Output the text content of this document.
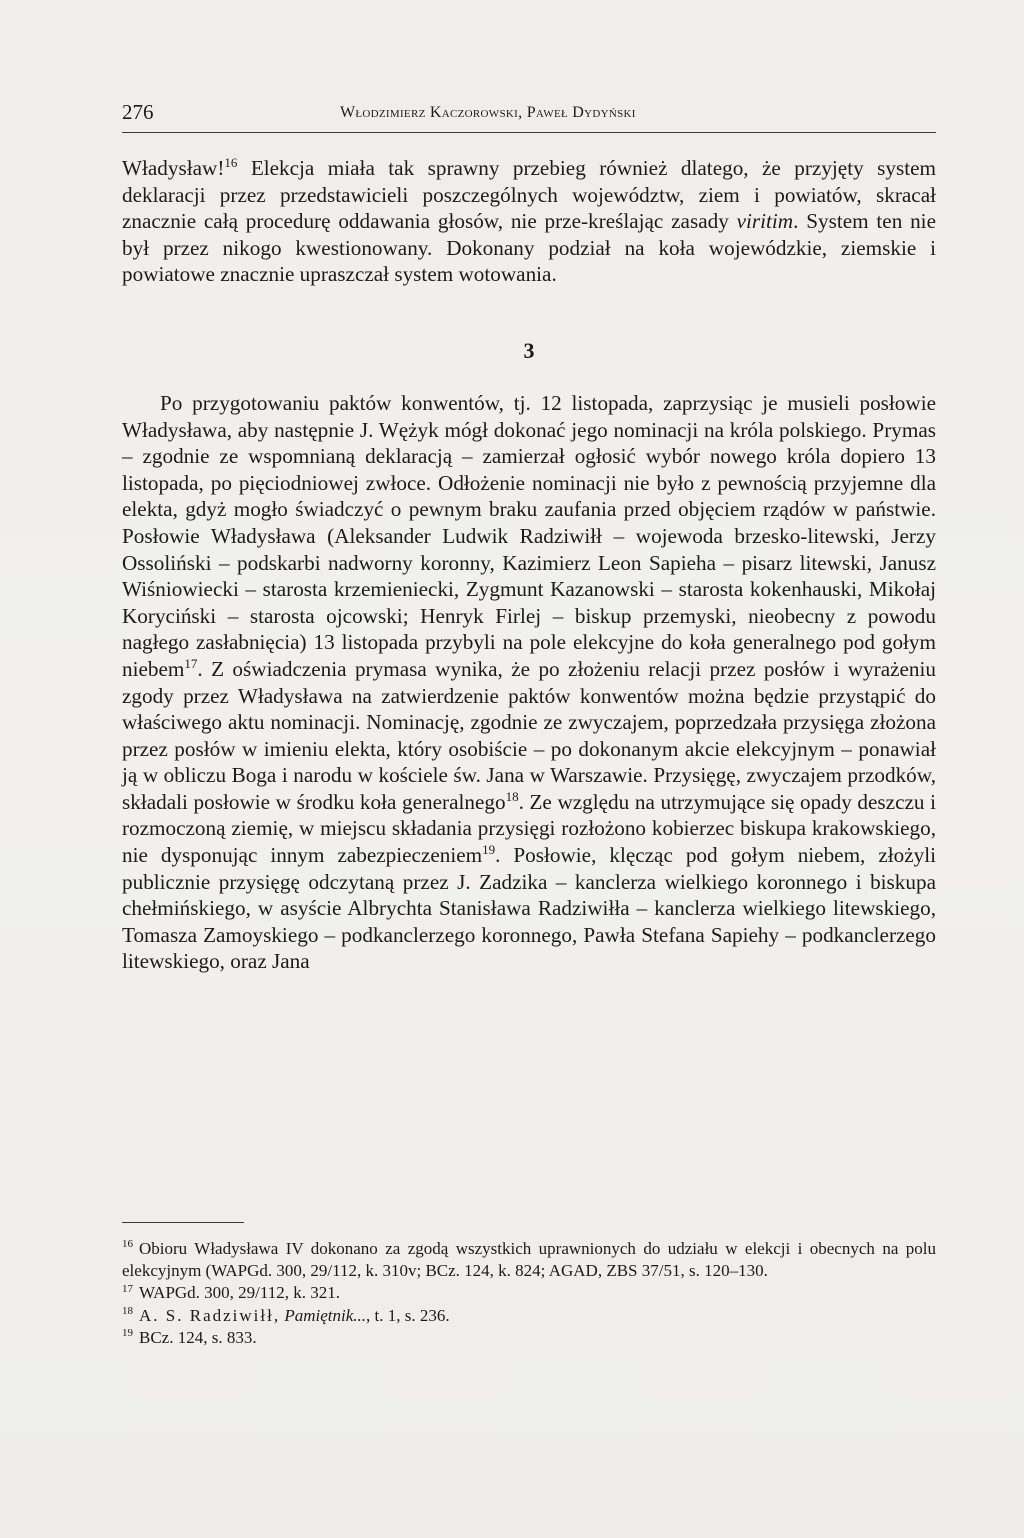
276	Włodzimierz Kaczorowski, Paweł Dydyński

Władysław!$^{16}$ Elekcja miała tak sprawny przebieg również dlatego, że przyjęty system deklaracji przez przedstawicieli poszczególnych województw, ziem i powiatów, skracał znacznie całą procedurę oddawania głosów, nie prze-kreślając zasady viritim. System ten nie był przez nikogo kwestionowany. Dokonany podział na koła wojewódzkie, ziemskie i powiatowe znacznie upraszczał system wotowania.

3

Po przygotowaniu paktów konwentów, tj. 12 listopada, zaprzysiąc je musieli posłowie Władysława, aby następnie J. Wężyk mógł dokonać jego nominacji na króla polskiego. Prymas – zgodnie ze wspomnianą deklaracją – zamierzał ogłosić wybór nowego króla dopiero 13 listopada, po pięciodniowej zwłoce. Odłożenie nominacji nie było z pewnością przyjemne dla elekta, gdyż mogło świadczyć o pewnym braku zaufania przed objęciem rządów w państwie. Posłowie Władysława (Aleksander Ludwik Radziwiłł – wojewoda brzesko-litewski, Jerzy Ossoliński – podskarbi nadworny koronny, Kazimierz Leon Sapieha – pisarz litewski, Janusz Wiśniowiecki – starosta krzemieniecki, Zygmunt Kazanowski – starosta kokenhauski, Mikołaj Koryciński – starosta ojcowski; Henryk Firlej – biskup przemyski, nieobecny z powodu nagłego zasłabnięcia) 13 listopada przybyli na pole elekcyjne do koła generalnego pod gołym niebem$^{17}$. Z oświadczenia prymasa wynika, że po złożeniu relacji przez posłów i wyrażeniu zgody przez Władysława na zatwierdzenie paktów konwentów można będzie przystąpić do właściwego aktu nominacji. Nominację, zgodnie ze zwyczajem, poprzedzała przysięga złożona przez posłów w imieniu elekta, który osobiście – po dokonanym akcie elekcyjnym – ponawiał ją w obliczu Boga i narodu w kościele św. Jana w Warszawie. Przysięgę, zwyczajem przodków, składali posłowie w środku koła generalnego$^{18}$. Ze względu na utrzymujące się opady deszczu i rozmoczoną ziemię, w miejscu składania przysięgi rozłożono kobierzec biskupa krakowskiego, nie dysponując innym zabezpieczeniem$^{19}$. Posłowie, klęcząc pod gołym niebem, złożyli publicznie przysięgę odczytaną przez J. Zadzika – kanclerza wielkiego koronnego i biskupa chełmińskiego, w asyście Albrychta Stanisława Radziwiłła – kanclerza wielkiego litewskiego, Tomasza Zamoyskiego – podkanclerzego koronnego, Pawła Stefana Sapiehy – podkanclerzego litewskiego, oraz Jana

$^{16}$ Obioru Władysława IV dokonano za zgodą wszystkich uprawnionych do udziału w elekcji i obecnych na polu elekcyjnym (WAPGd. 300, 29/112, k. 310v; BCz. 124, k. 824; AGAD, ZBS 37/51, s. 120–130.
$^{17}$ WAPGd. 300, 29/112, k. 321.
$^{18}$ A. S. Radziwiłł, Pamiętnik..., t. 1, s. 236.
$^{19}$ BCz. 124, s. 833.
